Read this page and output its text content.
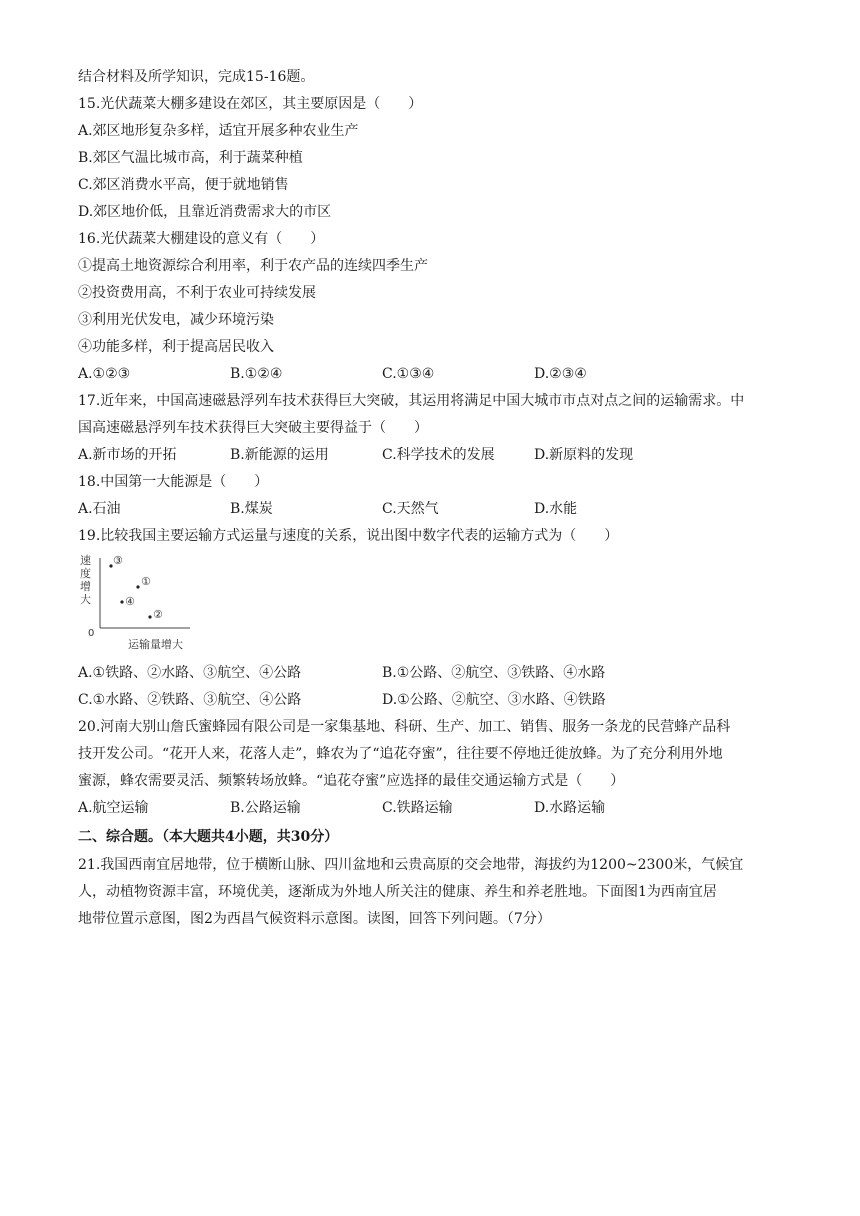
结合材料及所学知识，完成15-16题。
15.光伏蔬菜大棚多建设在郊区，其主要原因是（　　）
A.郊区地形复杂多样，适宜开展多种农业生产
B.郊区气温比城市高，利于蔬菜种植
C.郊区消费水平高，便于就地销售
D.郊区地价低，且靠近消费需求大的市区
16.光伏蔬菜大棚建设的意义有（　　）
①提高土地资源综合利用率，利于农产品的连续四季生产
②投资费用高，不利于农业可持续发展
③利用光伏发电，减少环境污染
④功能多样，利于提高居民收入
A.①②③	B.①②④	C.①③④	D.②③④
17.近年来，中国高速磁悬浮列车技术获得巨大突破，其运用将满足中国大城市市点对点之间的运输需求。中
国高速磁悬浮列车技术获得巨大突破主要得益于（　　）
A.新市场的开拓	B.新能源的运用	C.科学技术的发展	D.新原料的发现
18.中国第一大能源是（　　）
A.石油	B.煤炭	C.天然气	D.水能
19.比较我国主要运输方式运量与速度的关系，说出图中数字代表的运输方式为（　　）
速
度
增
大
0
③
①
④
②
运输量增大
A.①铁路、②水路、③航空、④公路	B.①公路、②航空、③铁路、④水路
C.①水路、②铁路、③航空、④公路	D.①公路、②航空、③水路、④铁路
20.河南大别山詹氏蜜蜂园有限公司是一家集基地、科研、生产、加工、销售、服务一条龙的民营蜂产品科
技开发公司。“花开人来，花落人走”，蜂农为了“追花夺蜜”，往往要不停地迁徙放蜂。为了充分利用外地
蜜源，蜂农需要灵活、频繁转场放蜂。“追花夺蜜”应选择的最佳交通运输方式是（　　）
A.航空运输	B.公路运输	C.铁路运输	D.水路运输
二、综合题。（本大题共4小题，共30分）
21.我国西南宜居地带，位于横断山脉、四川盆地和云贵高原的交会地带，海拔约为1200~2300米，气候宜
人，动植物资源丰富，环境优美，逐渐成为外地人所关注的健康、养生和养老胜地。下面图1为西南宜居
地带位置示意图，图2为西昌气候资料示意图。读图，回答下列问题。（7分）
